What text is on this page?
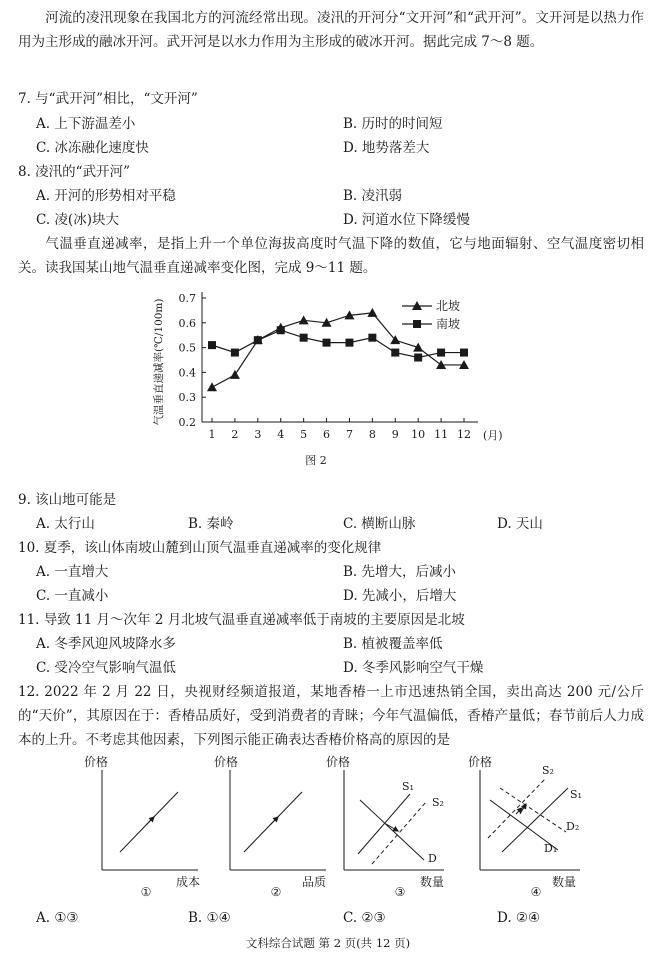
河流的凌汛现象在我国北方的河流经常出现。凌汛的开河分“文开河”和“武开河”。文开河是以热力作用为主形成的融冰开河。武开河是以水力作用为主形成的破冰开河。据此完成 7～8 题。
7. 与“武开河”相比，“文开河”
A. 上下游温差小	B. 历时的时间短
C. 冰冻融化速度快	D. 地势落差大
8. 凌汛的“武开河”
A. 开河的形势相对平稳	B. 凌汛弱
C. 凌(冰)块大	D. 河道水位下降缓慢
气温垂直递减率，是指上升一个单位海拔高度时气温下降的数值，它与地面辐射、空气温度密切相关。读我国某山地气温垂直递减率变化图，完成 9～11 题。
0.2
0.3
0.4
0.5
0.6
0.7
1 2 3 4 5 6 7 8 9 10 11 12
北坡
南坡
气温垂直递减率(℃/100m)
(月)
图 2
9. 该山地可能是
A. 太行山	B. 秦岭	C. 横断山脉	D. 天山
10. 夏季，该山体南坡山麓到山顶气温垂直递减率的变化规律
A. 一直增大	B. 先增大，后减小
C. 一直减小	D. 先减小，后增大
11. 导致 11 月～次年 2 月北坡气温垂直递减率低于南坡的主要原因是北坡
A. 冬季风迎风坡降水多	B. 植被覆盖率低
C. 受冷空气影响气温低	D. 冬季风影响空气干燥
12. 2022 年 2 月 22 日，央视财经频道报道，某地香椿一上市迅速热销全国，卖出高达 200 元/公斤的“天价”，其原因在于：香椿品质好，受到消费者的青睐；今年气温偏低，香椿产量低；春节前后人力成本的上升。不考虑其他因素，下列图示能正确表达香椿价格高的原因的是
价格
成本
①
价格
品质
②
价格
数量
③
S₁
S₂
D
价格
数量
④
S₂
S₁
D₂
D₁
A. ①③	B. ①④	C. ②③	D. ②④
文科综合试题 第 2 页(共 12 页)
